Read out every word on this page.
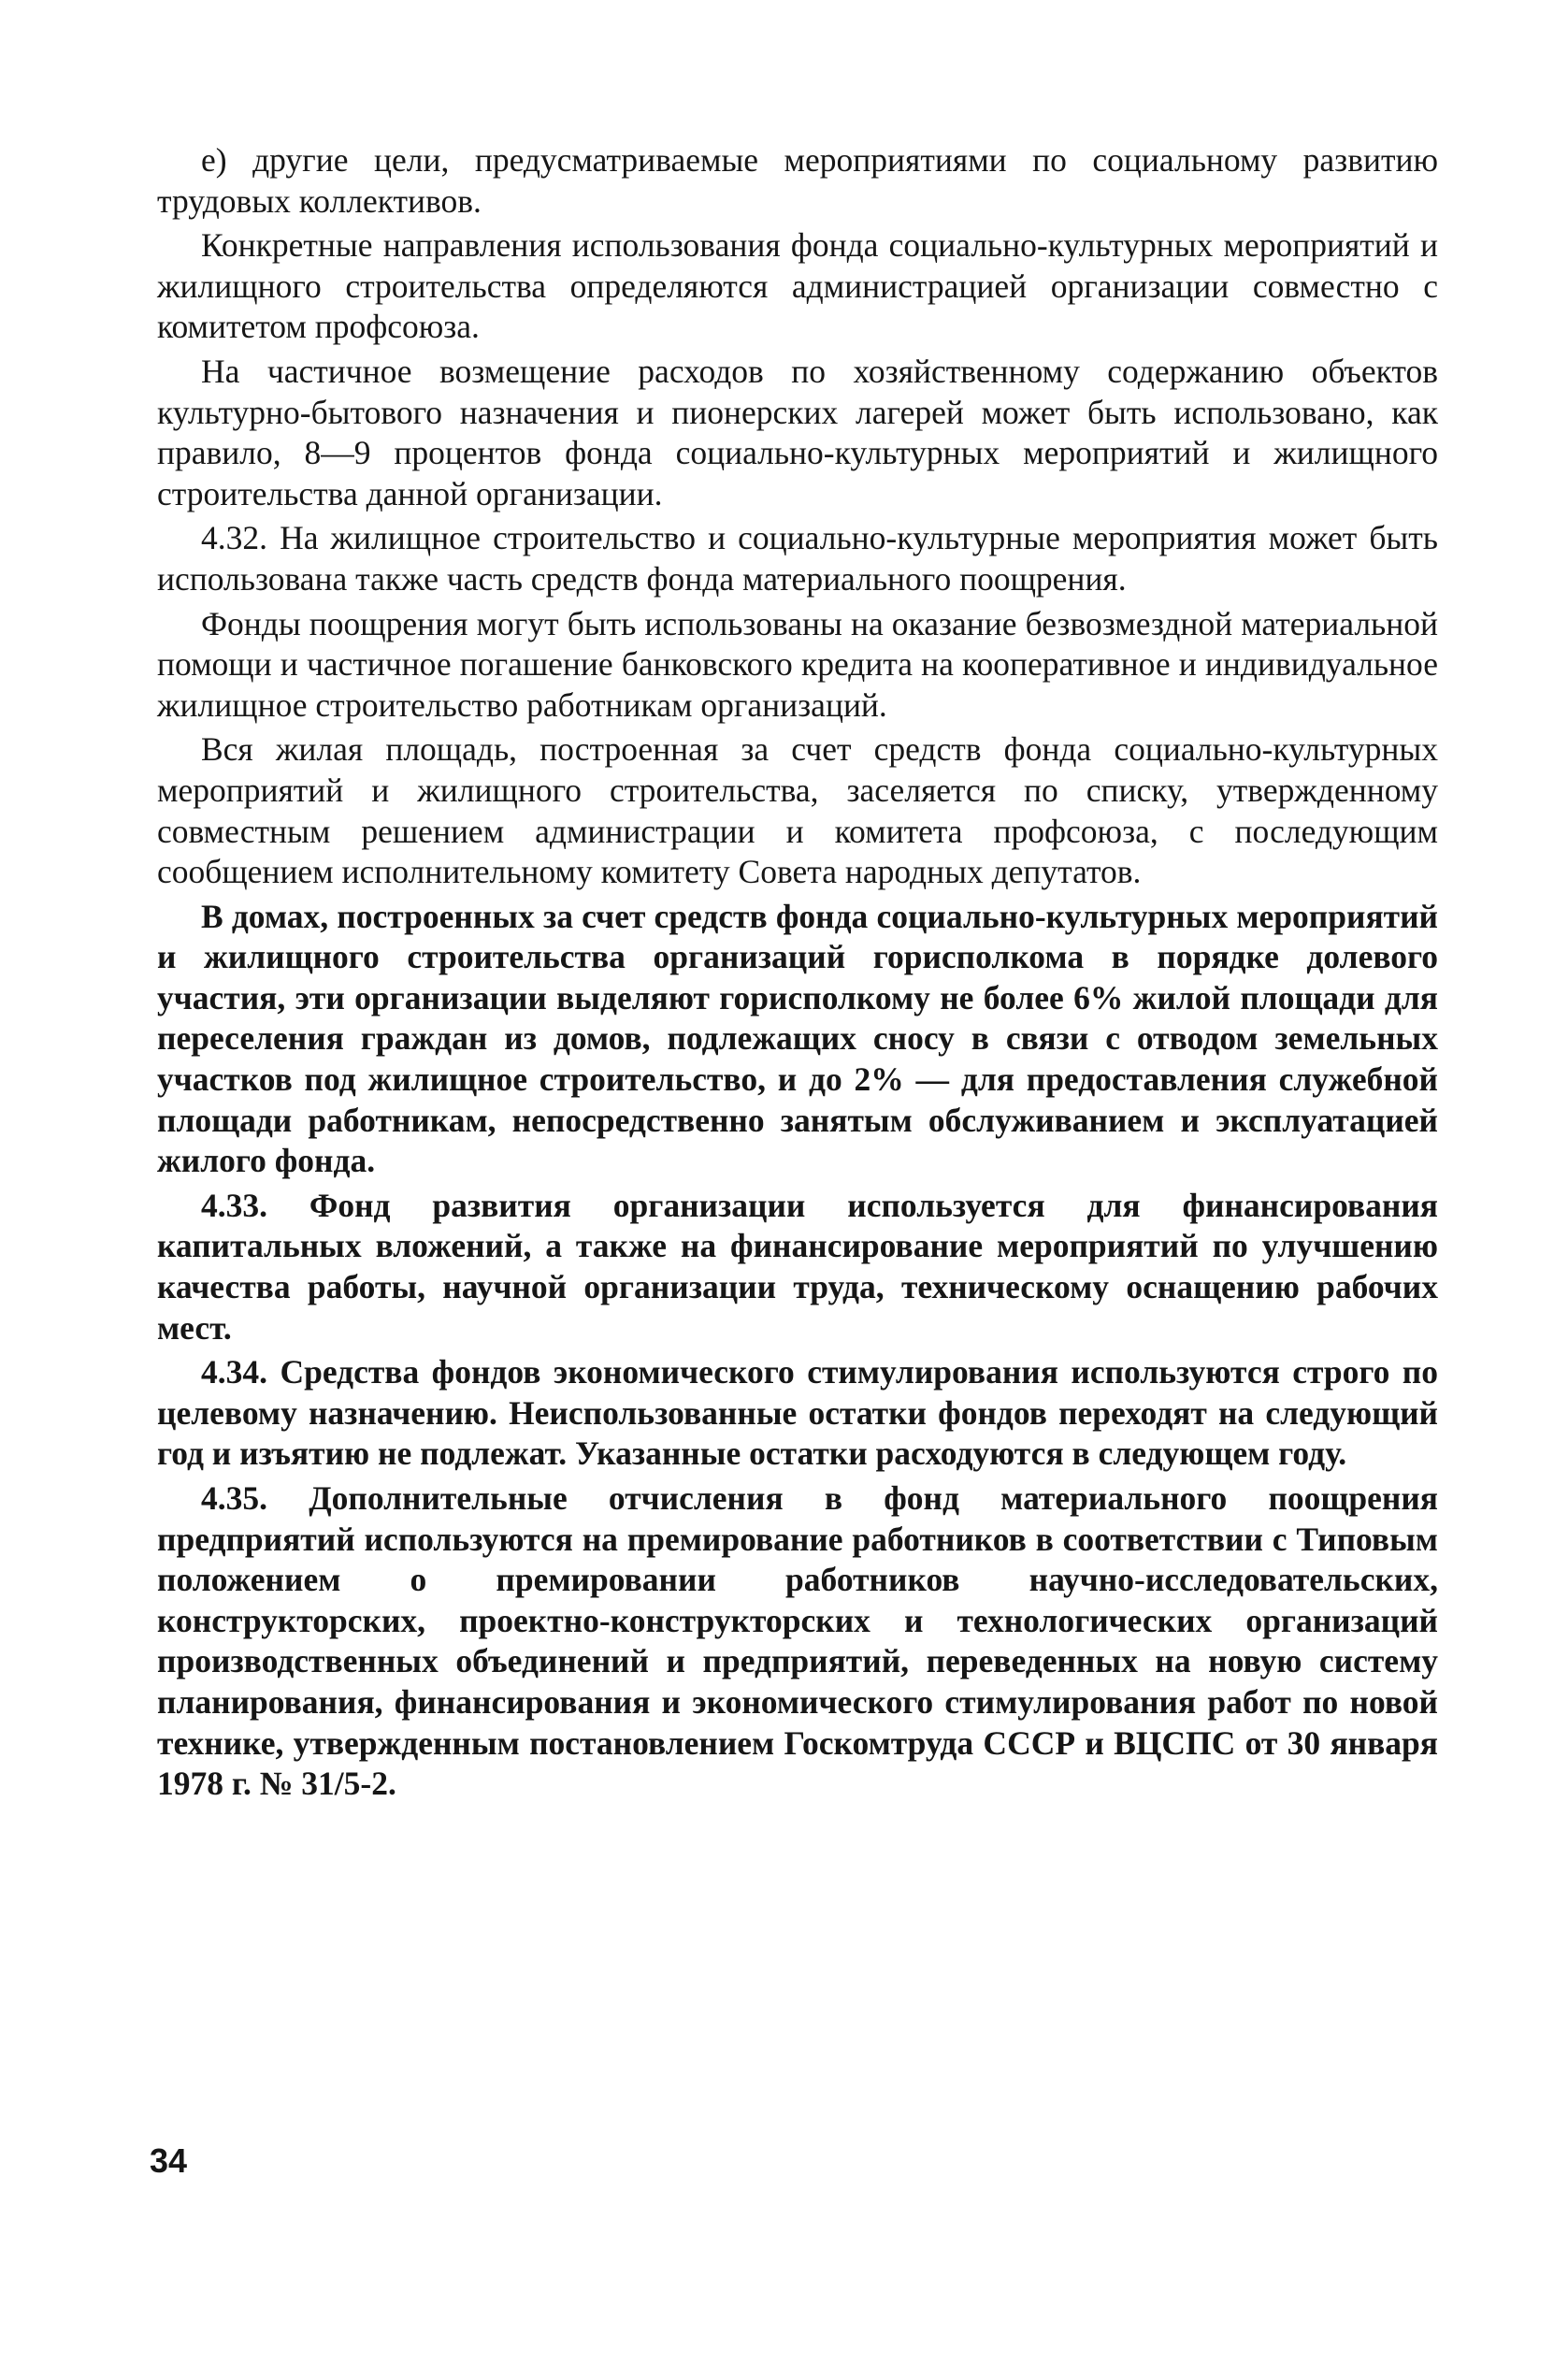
е) другие цели, предусматриваемые мероприятиями по социальному развитию трудовых коллективов.

Конкретные направления использования фонда социально-культурных мероприятий и жилищного строительства определяются администрацией организации совместно с комитетом профсоюза.

На частичное возмещение расходов по хозяйственному содержанию объектов культурно-бытового назначения и пионерских лагерей может быть использовано, как правило, 8—9 процентов фонда социально-культурных мероприятий и жилищного строительства данной организации.

4.32. На жилищное строительство и социально-культурные мероприятия может быть использована также часть средств фонда материального поощрения.

Фонды поощрения могут быть использованы на оказание безвозмездной материальной помощи и частичное погашение банковского кредита на кооперативное и индивидуальное жилищное строительство работникам организаций.

Вся жилая площадь, построенная за счет средств фонда социально-культурных мероприятий и жилищного строительства, заселяется по списку, утвержденному совместным решением администрации и комитета профсоюза, с последующим сообщением исполнительному комитету Совета народных депутатов.

В домах, построенных за счет средств фонда социально-культурных мероприятий и жилищного строительства организаций горисполкома в порядке долевого участия, эти организации выделяют горисполкому не более 6% жилой площади для переселения граждан из домов, подлежащих сносу в связи с отводом земельных участков под жилищное строительство, и до 2% — для предоставления служебной площади работникам, непосредственно занятым обслуживанием и эксплуатацией жилого фонда.

4.33. Фонд развития организации используется для финансирования капитальных вложений, а также на финансирование мероприятий по улучшению качества работы, научной организации труда, техническому оснащению рабочих мест.

4.34. Средства фондов экономического стимулирования используются строго по целевому назначению. Неиспользованные остатки фондов переходят на следующий год и изъятию не подлежат. Указанные остатки расходуются в следующем году.

4.35. Дополнительные отчисления в фонд материального поощрения предприятий используются на премирование работников в соответствии с Типовым положением о премировании работников научно-исследовательских, конструкторских, проектно-конструкторских и технологических организаций производственных объединений и предприятий, переведенных на новую систему планирования, финансирования и экономического стимулирования работ по новой технике, утвержденным постановлением Госкомтруда СССР и ВЦСПС от 30 января 1978 г. № 31/5-2.

34
